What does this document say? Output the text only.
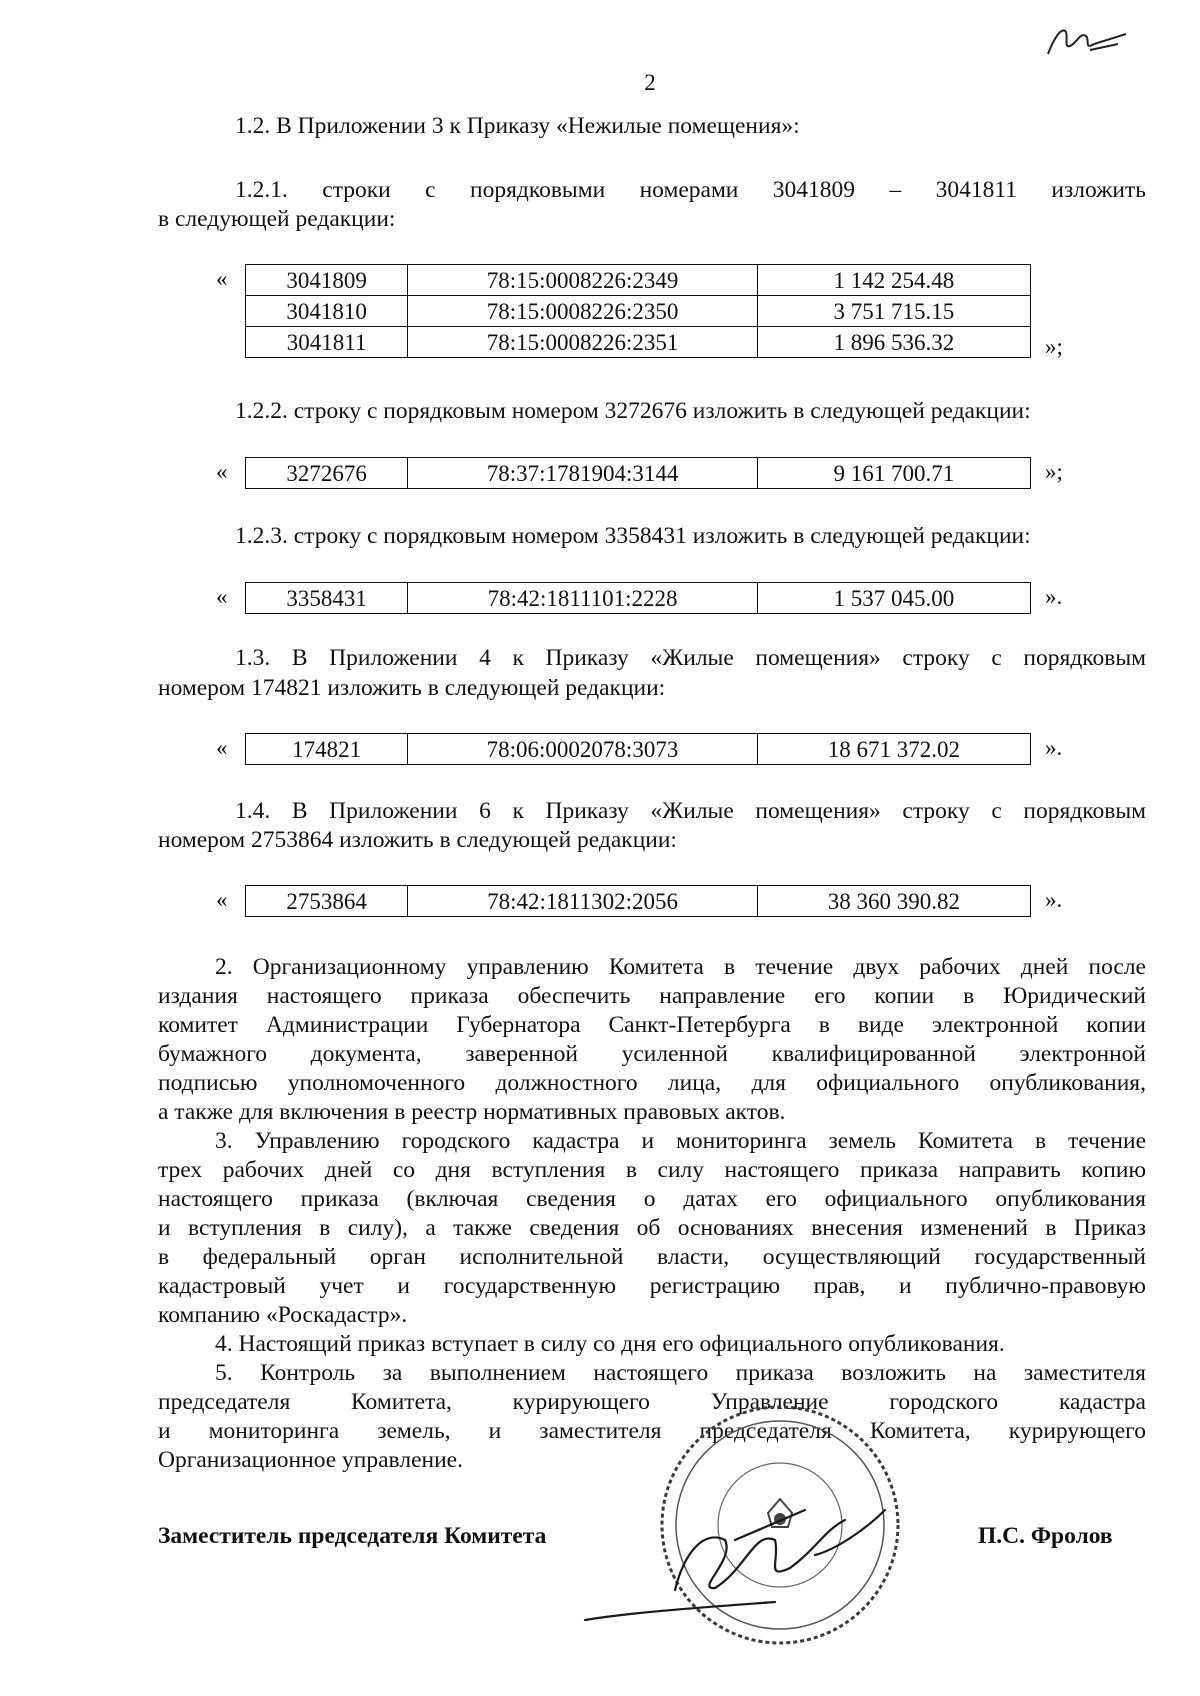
2
1.2. В Приложении 3 к Приказу «Нежилые помещения»:
1.2.1. строки с порядковыми номерами 3041809 – 3041811 изложить
в следующей редакции:
«	3041809	78:15:0008226:2349	1 142 254.48
3041810	78:15:0008226:2350	3 751 715.15
3041811	78:15:0008226:2351	1 896 536.32	»;
1.2.2. строку с порядковым номером 3272676 изложить в следующей редакции:
«	3272676	78:37:1781904:3144	9 161 700.71	»;
1.2.3. строку с порядковым номером 3358431 изложить в следующей редакции:
«	3358431	78:42:1811101:2228	1 537 045.00	».
1.3. В Приложении 4 к Приказу «Жилые помещения» строку с порядковым
номером 174821 изложить в следующей редакции:
«	174821	78:06:0002078:3073	18 671 372.02	».
1.4. В Приложении 6 к Приказу «Жилые помещения» строку с порядковым
номером 2753864 изложить в следующей редакции:
«	2753864	78:42:1811302:2056	38 360 390.82	».
2. Организационному управлению Комитета в течение двух рабочих дней после
издания настоящего приказа обеспечить направление его копии в Юридический
комитет Администрации Губернатора Санкт-Петербурга в виде электронной копии
бумажного документа, заверенной усиленной квалифицированной электронной
подписью уполномоченного должностного лица, для официального опубликования,
а также для включения в реестр нормативных правовых актов.
3. Управлению городского кадастра и мониторинга земель Комитета в течение
трех рабочих дней со дня вступления в силу настоящего приказа направить копию
настоящего приказа (включая сведения о датах его официального опубликования
и вступления в силу), а также сведения об основаниях внесения изменений в Приказ
в федеральный орган исполнительной власти, осуществляющий государственный
кадастровый учет и государственную регистрацию прав, и публично-правовую
компанию «Роскадастр».
4. Настоящий приказ вступает в силу со дня его официального опубликования.
5. Контроль за выполнением настоящего приказа возложить на заместителя
председателя Комитета, курирующего Управление городского кадастра
и мониторинга земель, и заместителя председателя Комитета, курирующего
Организационное управление.
Заместитель председателя Комитета	П.С. Фролов
